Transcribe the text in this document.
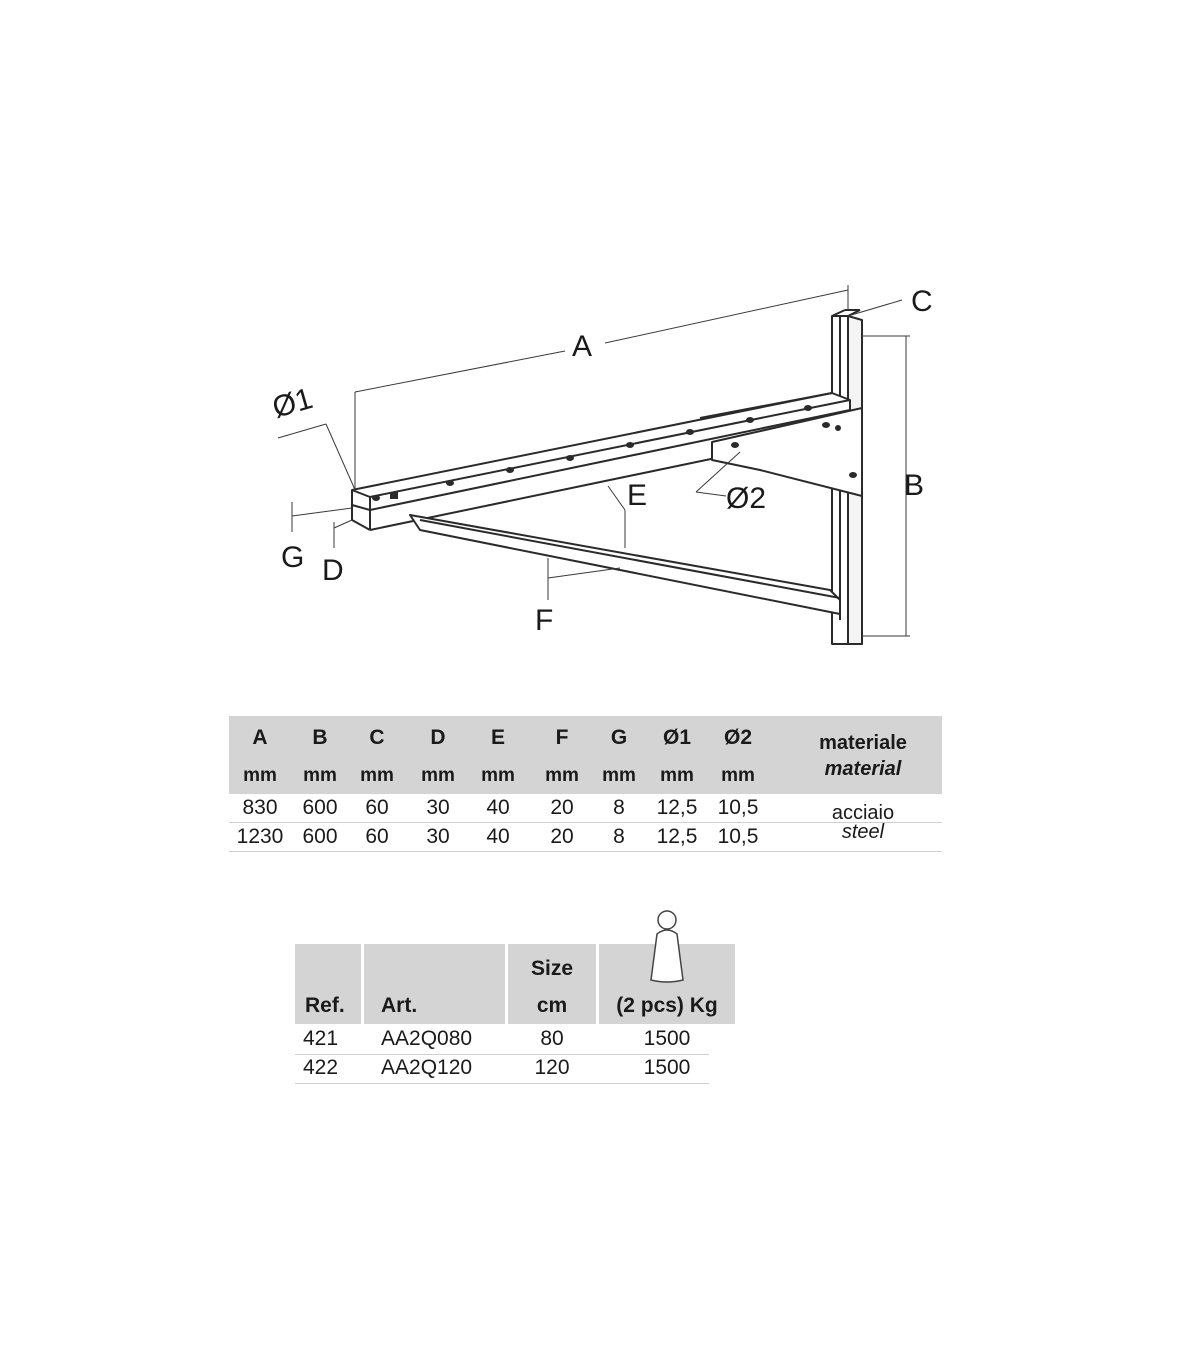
A
B
C
D
E
F
G
Ø1
Ø2
A	B	C	D	E	F	G	Ø1	Ø2
mm	mm	mm	mm	mm	mm	mm	mm	mm
materiale
material
830	600	60	30	40	20	8	12,5 10,5	acciaio
1230 600	60	30	40	20	8	12,5 10,5	steel
Ref. Art.
Size
cm	(2 pcs) Kg
421 AA2Q080	80	1500
422 AA2Q120	120	1500
